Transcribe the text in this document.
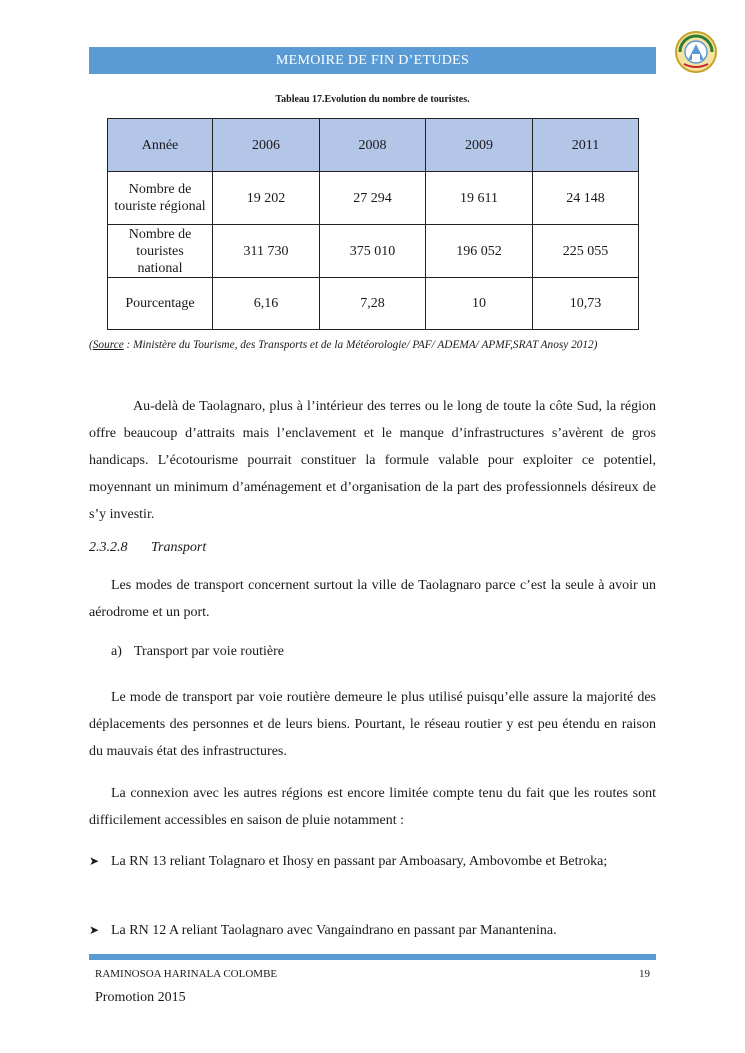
MEMOIRE DE FIN D’ETUDES
Tableau 17.Evolution du nombre de touristes.
Année	2006	2008	2009	2011
Nombre de touriste régional	19 202	27 294	19 611	24 148
Nombre de touristes national	311 730	375 010	196 052	225 055
Pourcentage	6,16	7,28	10	10,73
(Source : Ministère du Tourisme, des Transports et de la Météorologie/ PAF/ ADEMA/ APMF,SRAT Anosy 2012)
Au-delà de Taolagnaro, plus à l’intérieur des terres ou le long de toute la côte Sud, la région offre beaucoup d’attraits mais l’enclavement et le manque d’infrastructures s’avèrent de gros handicaps. L’écotourisme pourrait constituer la formule valable pour exploiter ce potentiel, moyennant un minimum d’aménagement et d’organisation de la part des professionnels désireux de s’y investir.
2.3.2.8 Transport
Les modes de transport concernent surtout la ville de Taolagnaro parce c’est la seule à avoir un aérodrome et un port.
a) Transport par voie routière
Le mode de transport par voie routière demeure le plus utilisé puisqu’elle assure la majorité des déplacements des personnes et de leurs biens. Pourtant, le réseau routier y est peu étendu en raison du mauvais état des infrastructures.
La connexion avec les autres régions est encore limitée compte tenu du fait que les routes sont difficilement accessibles en saison de pluie notamment :
➤ La RN 13 reliant Tolagnaro et Ihosy en passant par Amboasary, Ambovombe et Betroka;
➤ La RN 12 A reliant Taolagnaro avec Vangaindrano en passant par Manantenina.
RAMINOSOA HARINALA COLOMBE	19
Promotion 2015
